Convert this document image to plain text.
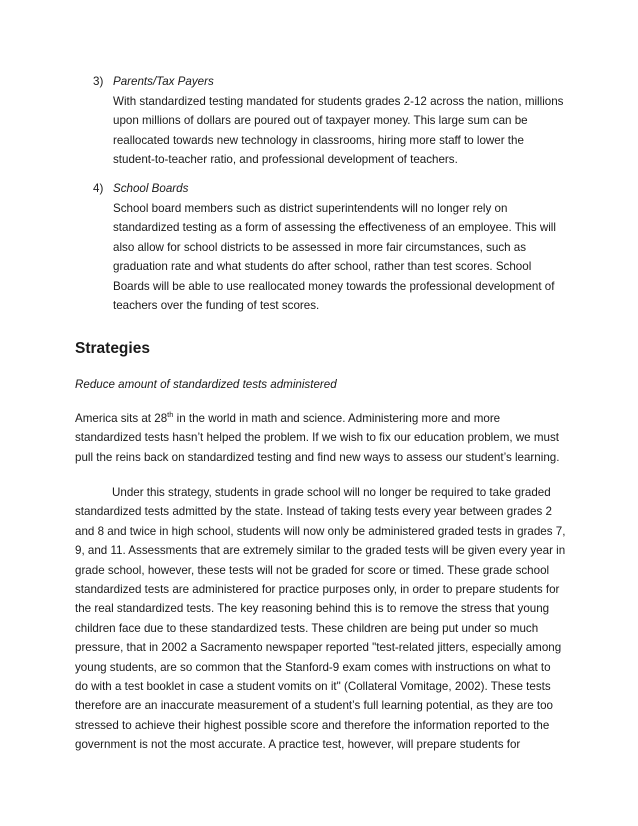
3) Parents/Tax Payers
With standardized testing mandated for students grades 2-12 across the nation, millions
upon millions of dollars are poured out of taxpayer money. This large sum can be
reallocated towards new technology in classrooms, hiring more staff to lower the
student-to-teacher ratio, and professional development of teachers.
4) School Boards
School board members such as district superintendents will no longer rely on
standardized testing as a form of assessing the effectiveness of an employee. This will
also allow for school districts to be assessed in more fair circumstances, such as
graduation rate and what students do after school, rather than test scores. School
Boards will be able to use reallocated money towards the professional development of
teachers over the funding of test scores.
Strategies
Reduce amount of standardized tests administered
America sits at 28th in the world in math and science. Administering more and more
standardized tests hasn’t helped the problem. If we wish to fix our education problem, we must
pull the reins back on standardized testing and find new ways to assess our student’s learning.
Under this strategy, students in grade school will no longer be required to take graded
standardized tests admitted by the state. Instead of taking tests every year between grades 2
and 8 and twice in high school, students will now only be administered graded tests in grades 7,
9, and 11. Assessments that are extremely similar to the graded tests will be given every year in
grade school, however, these tests will not be graded for score or timed. These grade school
standardized tests are administered for practice purposes only, in order to prepare students for
the real standardized tests. The key reasoning behind this is to remove the stress that young
children face due to these standardized tests. These children are being put under so much
pressure, that in 2002 a Sacramento newspaper reported "test-related jitters, especially among
young students, are so common that the Stanford-9 exam comes with instructions on what to
do with a test booklet in case a student vomits on it" (Collateral Vomitage, 2002). These tests
therefore are an inaccurate measurement of a student’s full learning potential, as they are too
stressed to achieve their highest possible score and therefore the information reported to the
government is not the most accurate. A practice test, however, will prepare students for
